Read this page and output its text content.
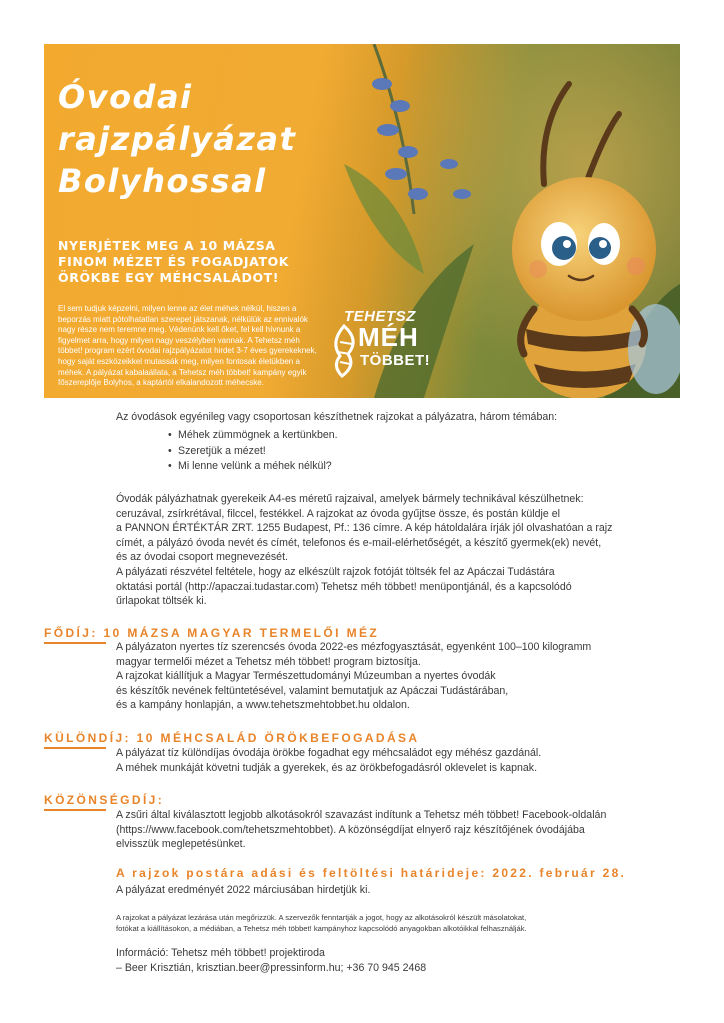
Óvodai
rajzpályázat
Bolyhossal
NYERJÉTEK MEG A 10 MÁZSA
FINOM MÉZET ÉS FOGADJATOK
ÖRÖKBE EGY MÉHCSALÁDOT!

El sem tudjuk képzelni, milyen lenne az élet méhek nélkül, hiszen a beporzás miatt pótolhatatlan szerepet játszanak, nélkülük az ennivalók nagy része nem teremne meg. Védenünk kell őket, fel kell hívnunk a figyelmet arra, hogy milyen nagy veszélyben vannak. A Tehetsz méh többet! program ezért óvodai rajzpályázatot hirdet 3-7 éves gyerekeknek, hogy saját eszközeikkel mutassák meg, milyen fontosak életükben a méhek. A pályázat kabalaállata, a Tehetsz méh többet! kampány egyik főszereplője Bolyhos, a kaptártól elkalandozott méhecske.

TEHETSZ
MÉH
TÖBBET!

Az óvodások egyénileg vagy csoportosan készíthetnek rajzokat a pályázatra, három témában:

• Méhek zümmögnek a kertünkben.
• Szeretjük a mézet!
• Mi lenne velünk a méhek nélkül?

Óvodák pályázhatnak gyerekeik A4-es méretű rajzaival, amelyek bármely technikával készülhetnek:
ceruzával, zsírkrétával, filccel, festékkel. A rajzokat az óvoda gyűjtse össze, és postán küldje el
a PANNON ÉRTÉKTÁR ZRT. 1255 Budapest, Pf.: 136 címre. A kép hátoldalára írják jól olvashatóan a rajz
címét, a pályázó óvoda nevét és címét, telefonos és e-mail-elérhetőségét, a készítő gyermek(ek) nevét,
és az óvodai csoport megnevezését.
A pályázati részvétel feltétele, hogy az elkészült rajzok fotóját töltsék fel az Apáczai Tudástára
oktatási portál (http://apaczai.tudastar.com) Tehetsz méh többet! menüpontjánál, és a kapcsolódó
űrlapokat töltsék ki.

FŐDÍJ: 10 MÁZSA MAGYAR TERMELŐI MÉZ

A pályázaton nyertes tíz szerencsés óvoda 2022-es mézfogyasztását, egyenként 100–100 kilogramm
magyar termelői mézet a Tehetsz méh többet! program biztosítja.
A rajzokat kiállítjuk a Magyar Természettudományi Múzeumban a nyertes óvodák
és készítők nevének feltüntetésével, valamint bemutatjuk az Apáczai Tudástárában,
és a kampány honlapján, a www.tehetszmehtobbet.hu oldalon.

KÜLÖNDÍJ: 10 MÉHCSALÁD ÖRÖKBEFOGADÁSA

A pályázat tíz különdíjas óvodája örökbe fogadhat egy méhcsaládot egy méhész gazdánál.
A méhek munkáját követni tudják a gyerekek, és az örökbefogadásról oklevelet is kapnak.

KÖZÖNSÉGDÍJ:

A zsűri által kiválasztott legjobb alkotásokról szavazást indítunk a Tehetsz méh többet! Facebook-oldalán
(https://www.facebook.com/tehetszmehtobbet). A közönségdíjat elnyerő rajz készítőjének óvodájába
elvisszük meglepetésünket.

A rajzok postára adási és feltöltési határideje: 2022. február 28.

A pályázat eredményét 2022 márciusában hirdetjük ki.

A rajzokat a pályázat lezárása után megőrizzük. A szervezők fenntartják a jogot, hogy az alkotásokról készült másolatokat,
fotókat a kiállításokon, a médiában, a Tehetsz méh többet! kampányhoz kapcsolódó anyagokban alkotóikkal felhasználják.

Információ: Tehetsz méh többet! projektiroda
– Beer Krisztián, krisztian.beer@pressinform.hu; +36 70 945 2468
